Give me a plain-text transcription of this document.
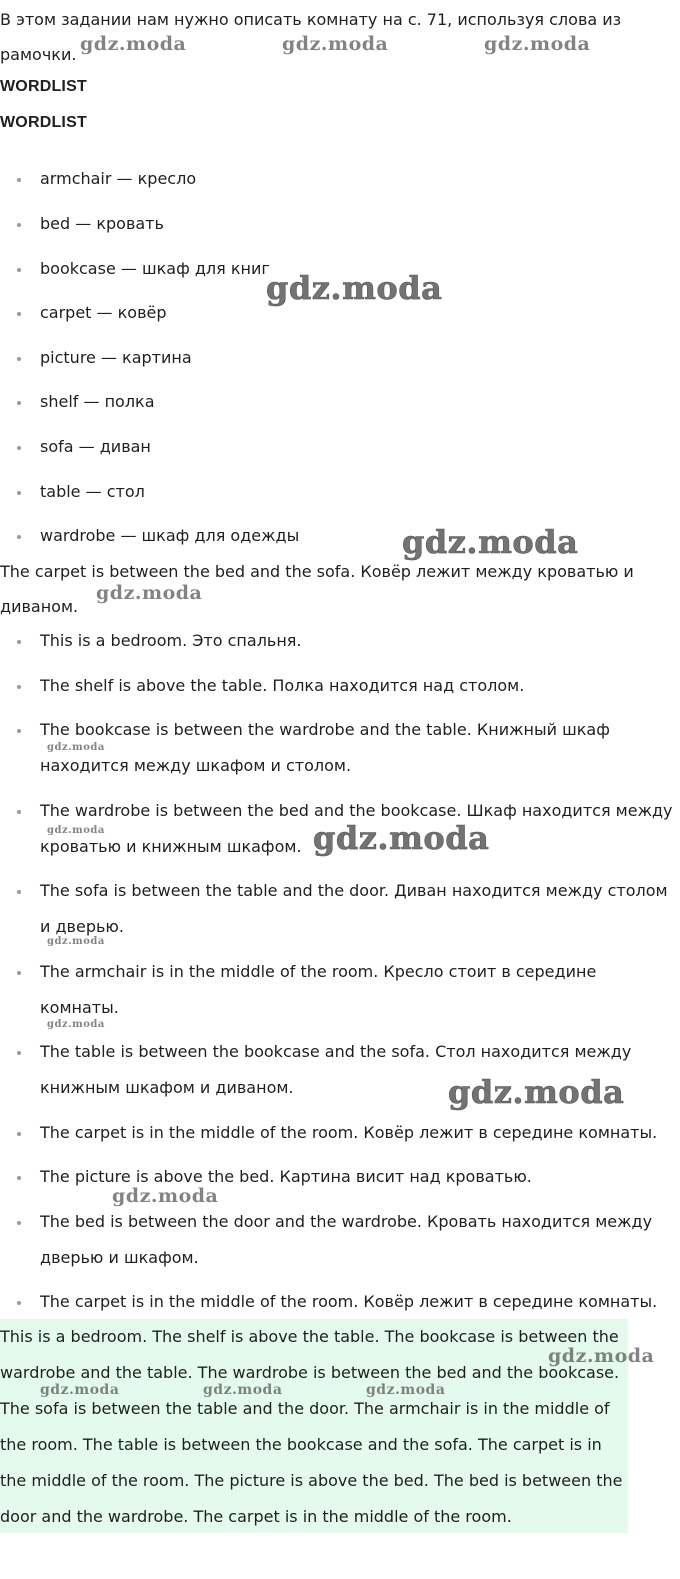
В этом задании нам нужно описать комнату на с. 71, используя слова из рамочки.

WORDLIST
WORDLIST
armchair — кресло
bed — кровать
bookcase — шкаф для книг
carpet — ковёр
picture — картина
shelf — полка
sofa — диван
table — стол
wardrobe — шкаф для одежды

The carpet is between the bed and the sofa. Ковёр лежит между кроватью и диваном.

This is a bedroom. Это спальня.
The shelf is above the table. Полка находится над столом.
The bookcase is between the wardrobe and the table. Книжный шкаф находится между шкафом и столом.
The wardrobe is between the bed and the bookcase. Шкаф находится между кроватью и книжным шкафом.
The sofa is between the table and the door. Диван находится между столом и дверью.
The armchair is in the middle of the room. Кресло стоит в середине комнаты.
The table is between the bookcase and the sofa. Стол находится между книжным шкафом и диваном.
The carpet is in the middle of the room. Ковёр лежит в середине комнаты.
The picture is above the bed. Картина висит над кроватью.
The bed is between the door and the wardrobe. Кровать находится между дверью и шкафом.
The carpet is in the middle of the room. Ковёр лежит в середине комнаты.
This is a bedroom. The shelf is above the table. The bookcase is between the wardrobe and the table. The wardrobe is between the bed and the bookcase. The sofa is between the table and the door. The armchair is in the middle of the room. The table is between the bookcase and the sofa. The carpet is in the middle of the room. The picture is above the bed. The bed is between the door and the wardrobe. The carpet is in the middle of the room.
gdz.moda	gdz.moda	gdz.moda
gdz.moda
gdz.moda
gdz.moda
gdz.moda
gdz.moda	gdz.moda
gdz.moda
gdz.moda
gdz.moda
gdz.moda
gdz.moda
gdz.moda	gdz.moda	gdz.moda
